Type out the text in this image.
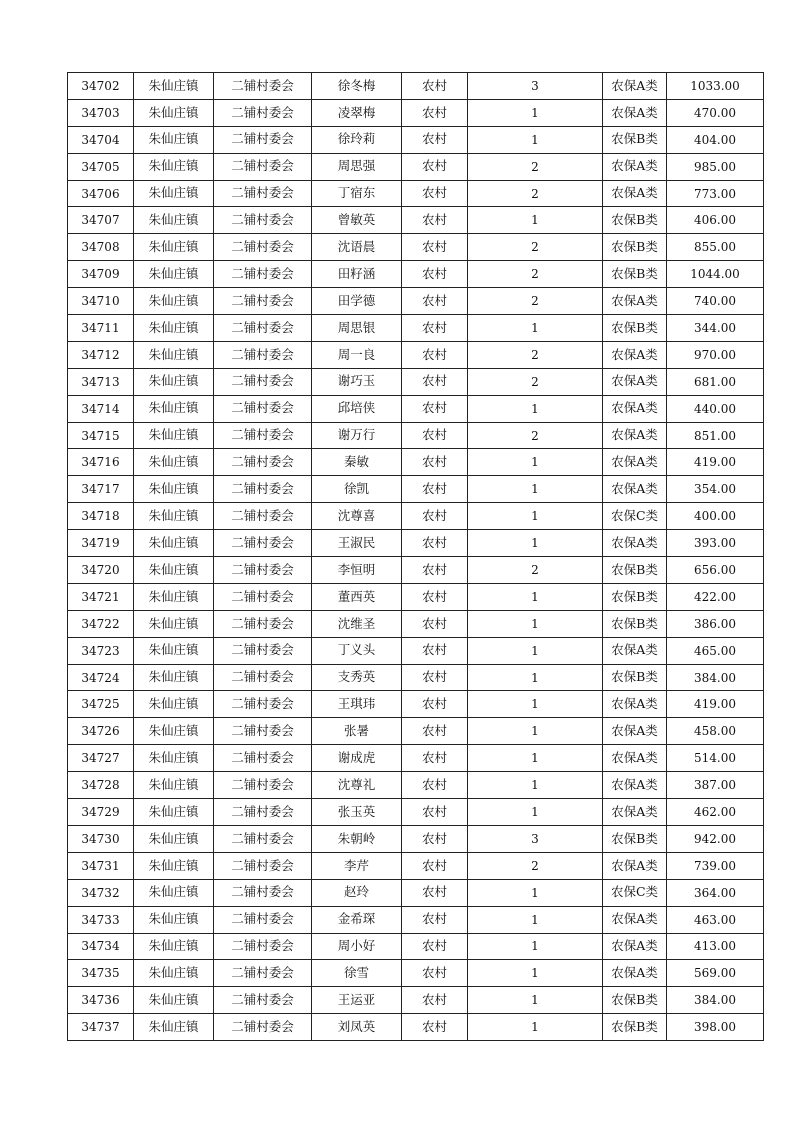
34702	朱仙庄镇	二铺村委会	徐冬梅	农村	3	农保A类	1033.00
34703	朱仙庄镇	二铺村委会	凌翠梅	农村	1	农保A类	470.00
34704	朱仙庄镇	二铺村委会	徐玲莉	农村	1	农保B类	404.00
34705	朱仙庄镇	二铺村委会	周思强	农村	2	农保A类	985.00
34706	朱仙庄镇	二铺村委会	丁宿东	农村	2	农保A类	773.00
34707	朱仙庄镇	二铺村委会	曾敏英	农村	1	农保B类	406.00
34708	朱仙庄镇	二铺村委会	沈语晨	农村	2	农保B类	855.00
34709	朱仙庄镇	二铺村委会	田籽涵	农村	2	农保B类	1044.00
34710	朱仙庄镇	二铺村委会	田学德	农村	2	农保A类	740.00
34711	朱仙庄镇	二铺村委会	周思银	农村	1	农保B类	344.00
34712	朱仙庄镇	二铺村委会	周一良	农村	2	农保A类	970.00
34713	朱仙庄镇	二铺村委会	谢巧玉	农村	2	农保A类	681.00
34714	朱仙庄镇	二铺村委会	邱培侠	农村	1	农保A类	440.00
34715	朱仙庄镇	二铺村委会	谢万行	农村	2	农保A类	851.00
34716	朱仙庄镇	二铺村委会	秦敏	农村	1	农保A类	419.00
34717	朱仙庄镇	二铺村委会	徐凯	农村	1	农保A类	354.00
34718	朱仙庄镇	二铺村委会	沈尊喜	农村	1	农保C类	400.00
34719	朱仙庄镇	二铺村委会	王淑民	农村	1	农保A类	393.00
34720	朱仙庄镇	二铺村委会	李恒明	农村	2	农保B类	656.00
34721	朱仙庄镇	二铺村委会	董西英	农村	1	农保B类	422.00
34722	朱仙庄镇	二铺村委会	沈维圣	农村	1	农保B类	386.00
34723	朱仙庄镇	二铺村委会	丁义头	农村	1	农保A类	465.00
34724	朱仙庄镇	二铺村委会	支秀英	农村	1	农保B类	384.00
34725	朱仙庄镇	二铺村委会	王琪玮	农村	1	农保A类	419.00
34726	朱仙庄镇	二铺村委会	张暑	农村	1	农保A类	458.00
34727	朱仙庄镇	二铺村委会	谢成虎	农村	1	农保A类	514.00
34728	朱仙庄镇	二铺村委会	沈尊礼	农村	1	农保A类	387.00
34729	朱仙庄镇	二铺村委会	张玉英	农村	1	农保A类	462.00
34730	朱仙庄镇	二铺村委会	朱朝岭	农村	3	农保B类	942.00
34731	朱仙庄镇	二铺村委会	李芹	农村	2	农保A类	739.00
34732	朱仙庄镇	二铺村委会	赵玲	农村	1	农保C类	364.00
34733	朱仙庄镇	二铺村委会	金希琛	农村	1	农保A类	463.00
34734	朱仙庄镇	二铺村委会	周小好	农村	1	农保A类	413.00
34735	朱仙庄镇	二铺村委会	徐雪	农村	1	农保A类	569.00
34736	朱仙庄镇	二铺村委会	王运亚	农村	1	农保B类	384.00
34737	朱仙庄镇	二铺村委会	刘凤英	农村	1	农保B类	398.00
